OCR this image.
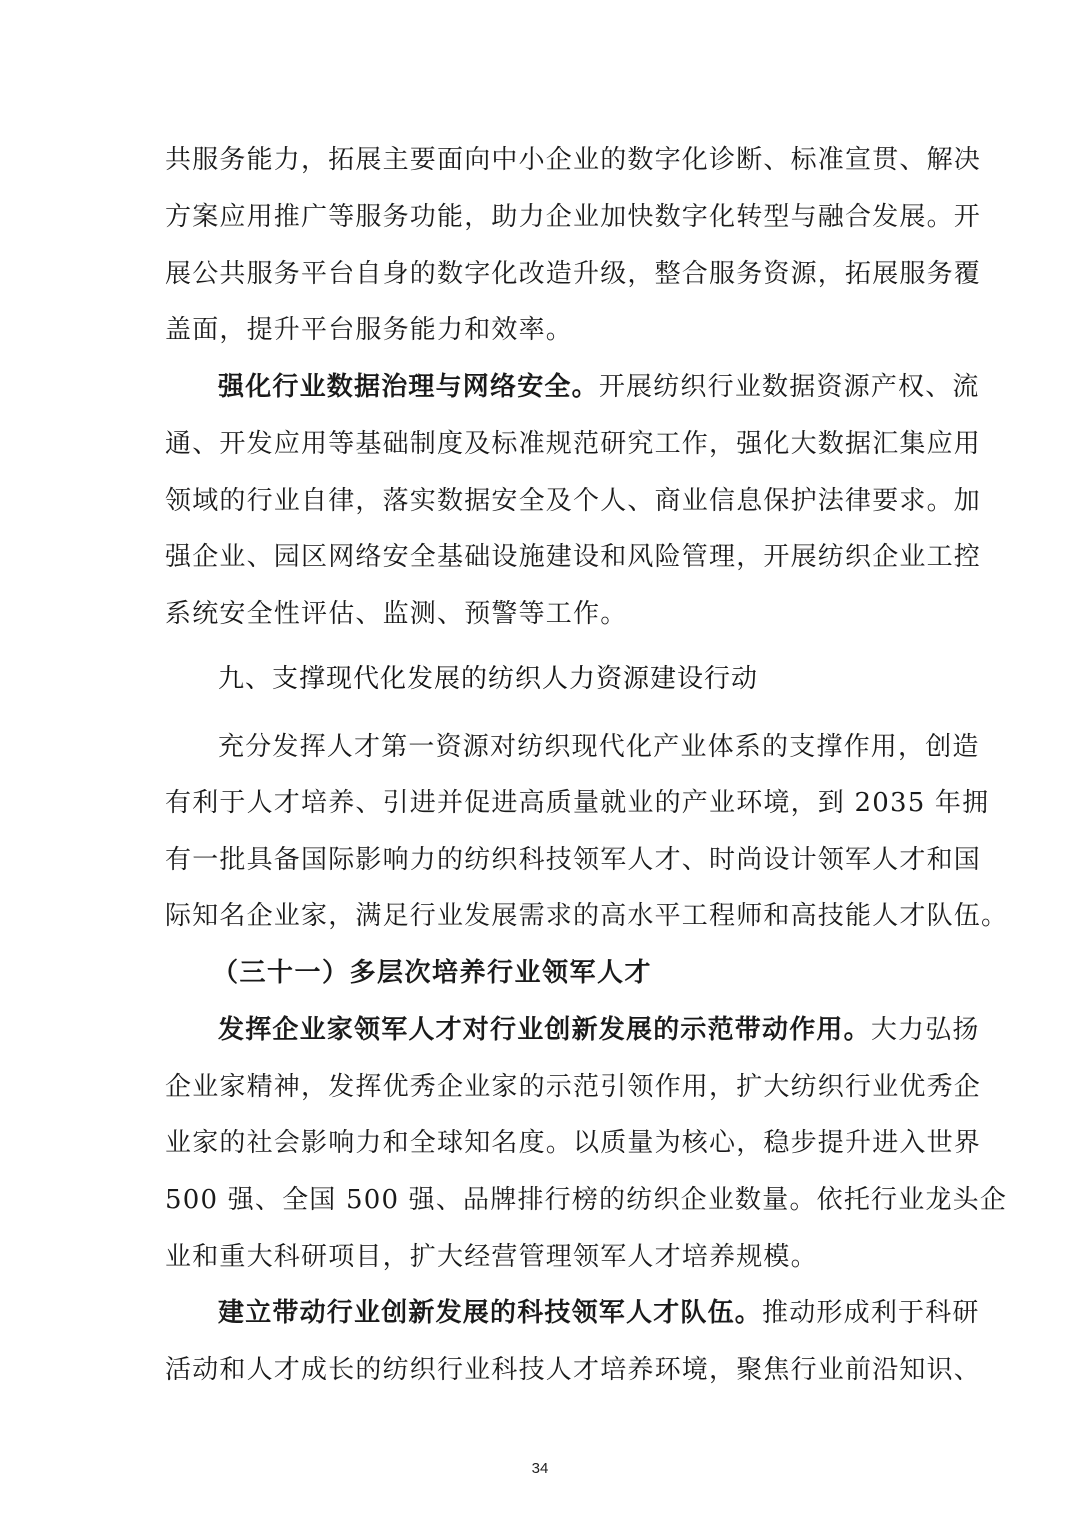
共服务能力，拓展主要面向中小企业的数字化诊断、标准宣贯、解决
方案应用推广等服务功能，助力企业加快数字化转型与融合发展。开
展公共服务平台自身的数字化改造升级，整合服务资源，拓展服务覆
盖面，提升平台服务能力和效率。
强化行业数据治理与网络安全。开展纺织行业数据资源产权、流
通、开发应用等基础制度及标准规范研究工作，强化大数据汇集应用
领域的行业自律，落实数据安全及个人、商业信息保护法律要求。加
强企业、园区网络安全基础设施建设和风险管理，开展纺织企业工控
系统安全性评估、监测、预警等工作。
九、支撑现代化发展的纺织人力资源建设行动
充分发挥人才第一资源对纺织现代化产业体系的支撑作用，创造
有利于人才培养、引进并促进高质量就业的产业环境，到 2035 年拥
有一批具备国际影响力的纺织科技领军人才、时尚设计领军人才和国
际知名企业家，满足行业发展需求的高水平工程师和高技能人才队伍。
（三十一）多层次培养行业领军人才
发挥企业家领军人才对行业创新发展的示范带动作用。大力弘扬
企业家精神，发挥优秀企业家的示范引领作用，扩大纺织行业优秀企
业家的社会影响力和全球知名度。以质量为核心，稳步提升进入世界
500 强、全国 500 强、品牌排行榜的纺织企业数量。依托行业龙头企
业和重大科研项目，扩大经营管理领军人才培养规模。
建立带动行业创新发展的科技领军人才队伍。推动形成利于科研
活动和人才成长的纺织行业科技人才培养环境，聚焦行业前沿知识、
34
